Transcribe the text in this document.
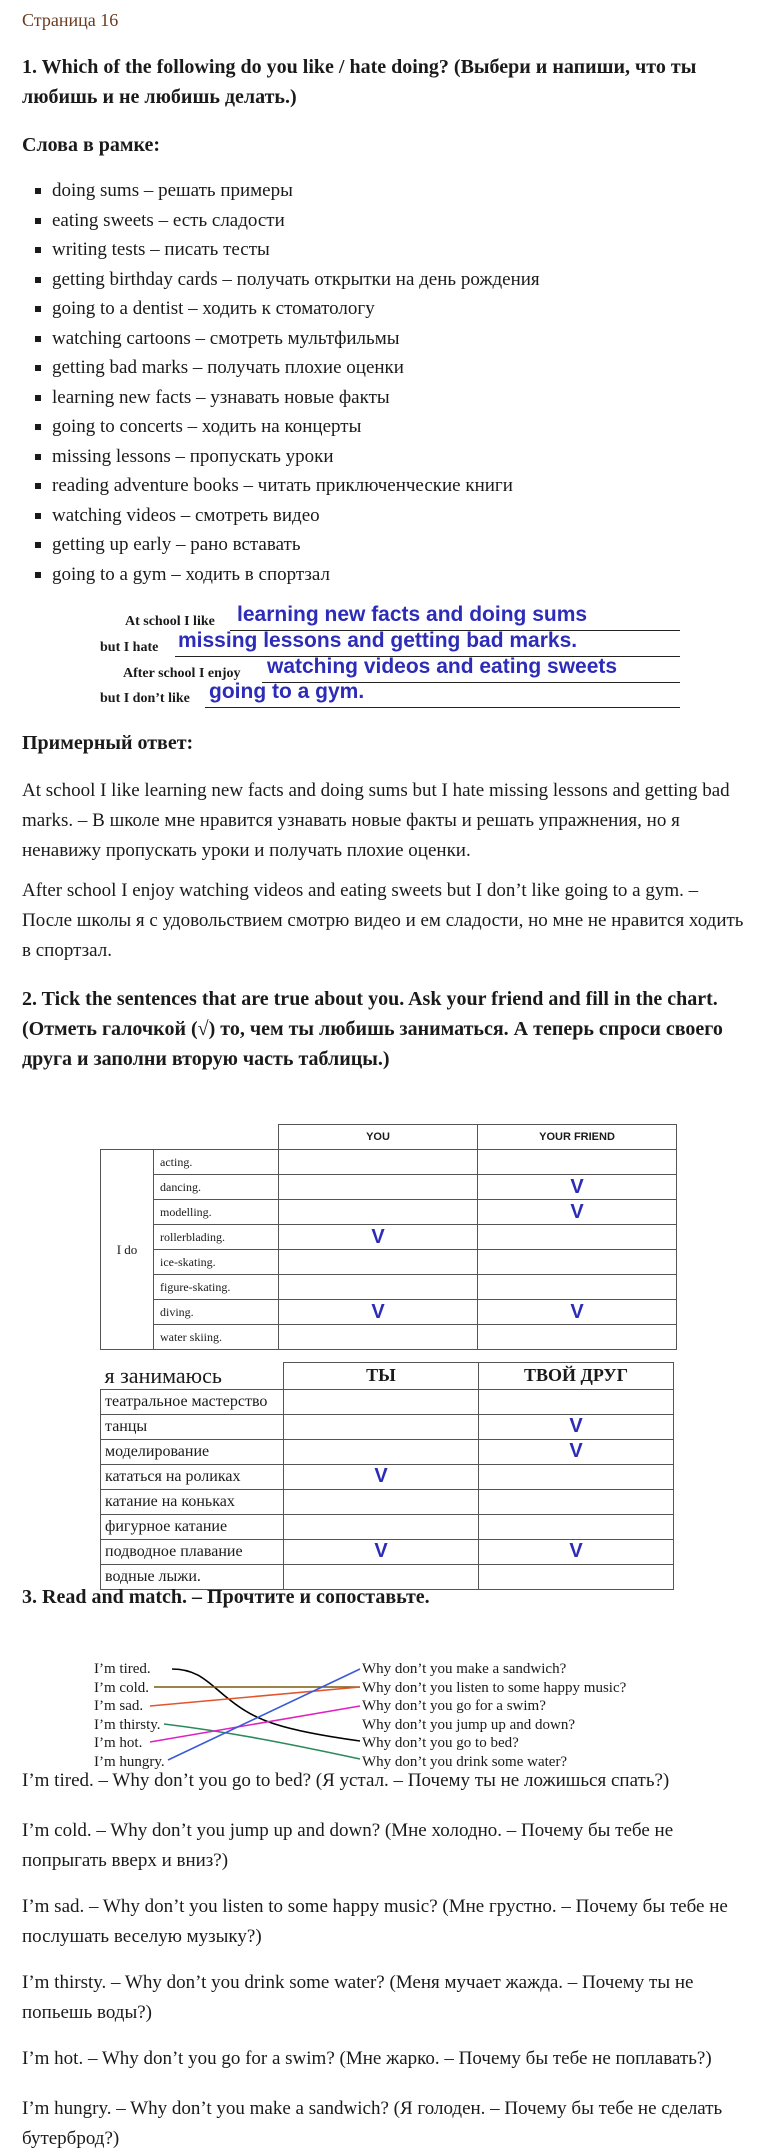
Страница 16
1. Which of the following do you like / hate doing? (Выбери и напиши, что ты любишь и не любишь делать.)
Слова в рамке:
doing sums – решать примеры
eating sweets – есть сладости
writing tests – писать тесты
getting birthday cards – получать открытки на день рождения
going to a dentist – ходить к стоматологу
watching cartoons – смотреть мультфильмы
getting bad marks – получать плохие оценки
learning new facts – узнавать новые факты
going to concerts – ходить на концерты
missing lessons – пропускать уроки
reading adventure books – читать приключенческие книги
watching videos – смотреть видео
getting up early – рано вставать
going to a gym – ходить в спортзал
At school I like learning new facts and doing sums
but I hate missing lessons and getting bad marks.
After school I enjoy watching videos and eating sweets
but I don’t like going to a gym.
Примерный ответ:
At school I like learning new facts and doing sums but I hate missing lessons and getting bad marks. – В школе мне нравится узнавать новые факты и решать упражнения, но я ненавижу пропускать уроки и получать плохие оценки.
After school I enjoy watching videos and eating sweets but I don’t like going to a gym. – После школы я с удовольствием смотрю видео и ем сладости, но мне не нравится ходить в спортзал.
2. Tick the sentences that are true about you. Ask your friend and fill in the chart. (Отметь галочкой (√) то, чем ты любишь заниматься. А теперь спроси своего друга и заполни вторую часть таблицы.)
		YOU	YOUR FRIEND
I do	acting.		
	dancing.		V
	modelling.		V
	rollerblading.	V	
	ice-skating.		
	figure-skating.		
	diving.	V	V
	water skiing.		
я занимаюсь	ТЫ	ТВОЙ ДРУГ
театральное мастерство		
танцы		V
моделирование		V
кататься на роликах	V	
катание на коньках		
фигурное катание		
подводное плавание	V	V
водные лыжи.		
3. Read and match. – Прочтите и сопоставьте.
I’m tired.
I’m cold.
I’m sad.
I’m thirsty.
I’m hot.
I’m hungry.
Why don’t you make a sandwich?
Why don’t you listen to some happy music?
Why don’t you go for a swim?
Why don’t you jump up and down?
Why don’t you go to bed?
Why don’t you drink some water?
I’m tired. – Why don’t you go to bed? (Я устал. – Почему ты не ложишься спать?)
I’m cold. – Why don’t you jump up and down? (Мне холодно. – Почему бы тебе не попрыгать вверх и вниз?)
I’m sad. – Why don’t you listen to some happy music? (Мне грустно. – Почему бы тебе не послушать веселую музыку?)
I’m thirsty. – Why don’t you drink some water? (Меня мучает жажда. – Почему ты не попьешь воды?)
I’m hot. – Why don’t you go for a swim? (Мне жарко. – Почему бы тебе не поплавать?)
I’m hungry. – Why don’t you make a sandwich? (Я голоден. – Почему бы тебе не сделать бутерброд?)
